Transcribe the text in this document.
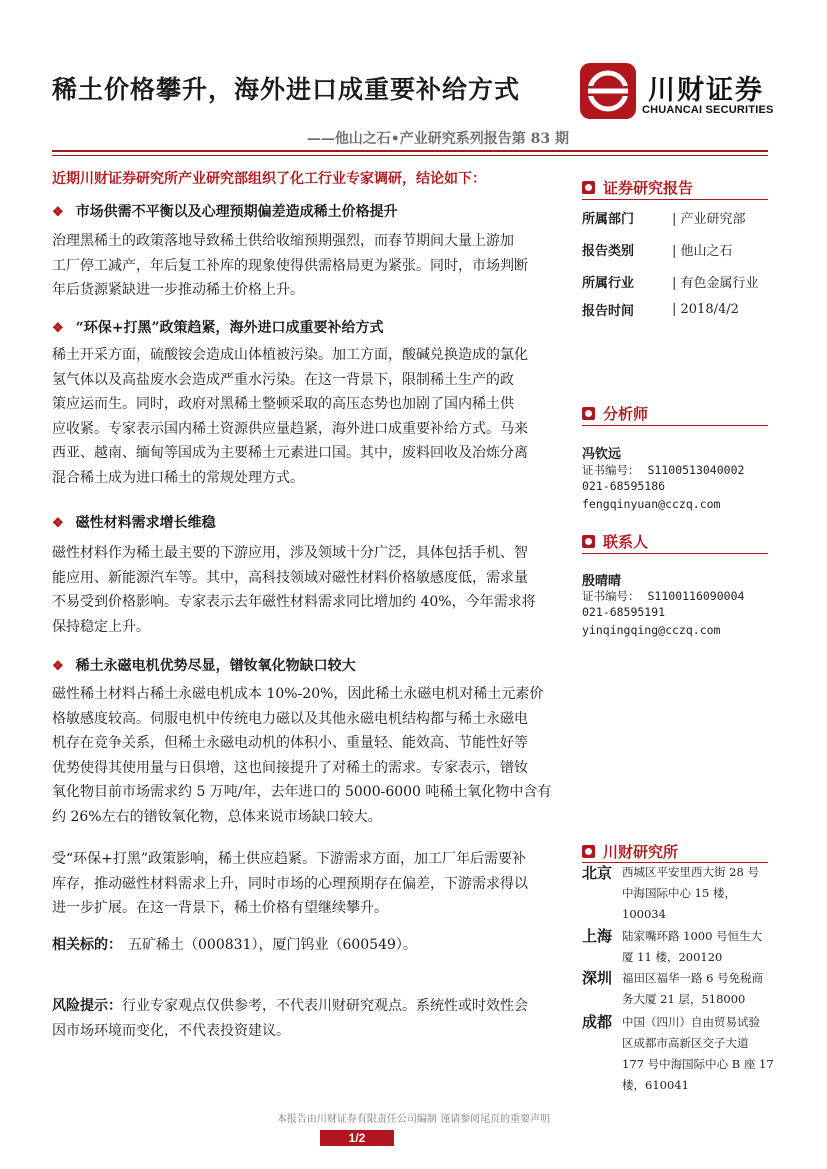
稀土价格攀升，海外进口成重要补给方式
——他山之石•产业研究系列报告第 83 期
川财证券
CHUANCAI SECURITIES
近期川财证券研究所产业研究部组织了化工行业专家调研，结论如下：
❖ 市场供需不平衡以及心理预期偏差造成稀土价格提升
治理黑稀土的政策落地导致稀土供给收缩预期强烈，而春节期间大量上游加
工厂停工减产，年后复工补库的现象使得供需格局更为紧张。同时，市场判断
年后货源紧缺进一步推动稀土价格上升。
❖ “环保+打黑”政策趋紧，海外进口成重要补给方式
稀土开采方面，硫酸铵会造成山体植被污染。加工方面，酸碱兑换造成的氯化
氢气体以及高盐废水会造成严重水污染。在这一背景下，限制稀土生产的政
策应运而生。同时，政府对黑稀土整顿采取的高压态势也加剧了国内稀土供
应收紧。专家表示国内稀土资源供应量趋紧，海外进口成重要补给方式。马来
西亚、越南、缅甸等国成为主要稀土元素进口国。其中，废料回收及冶炼分离
混合稀土成为进口稀土的常规处理方式。
❖ 磁性材料需求增长维稳
磁性材料作为稀土最主要的下游应用，涉及领域十分广泛，具体包括手机、智
能应用、新能源汽车等。其中，高科技领域对磁性材料价格敏感度低，需求量
不易受到价格影响。专家表示去年磁性材料需求同比增加约 40%，今年需求将
保持稳定上升。
❖ 稀土永磁电机优势尽显，镨钕氧化物缺口较大
磁性稀土材料占稀土永磁电机成本 10%-20%，因此稀土永磁电机对稀土元素价
格敏感度较高。伺服电机中传统电力磁以及其他永磁电机结构都与稀土永磁电
机存在竞争关系，但稀土永磁电动机的体积小、重量轻、能效高、节能性好等
优势使得其使用量与日俱增，这也间接提升了对稀土的需求。专家表示，镨钕
氧化物目前市场需求约 5 万吨/年，去年进口的 5000-6000 吨稀土氧化物中含有
约 26%左右的镨钕氧化物，总体来说市场缺口较大。
受“环保+打黑”政策影响，稀土供应趋紧。下游需求方面，加工厂年后需要补
库存，推动磁性材料需求上升，同时市场的心理预期存在偏差，下游需求得以
进一步扩展。在这一背景下，稀土价格有望继续攀升。
相关标的： 五矿稀土（000831），厦门钨业（600549）。
风险提示：行业专家观点仅供参考，不代表川财研究观点。系统性或时效性会
因市场环境而变化，不代表投资建议。
证券研究报告
所属部门	| 产业研究部
报告类别	| 他山之石
所属行业	| 有色金属行业
报告时间	| 2018/4/2
分析师
冯钦远
证书编号： S1100513040002
021-68595186
fengqinyuan@cczq.com
联系人
殷晴晴
证书编号： S1100116090004
021-68595191
yinqingqing@cczq.com
川财研究所
北京 西城区平安里西大街 28 号
中海国际中心 15 楼，
100034
上海 陆家嘴环路 1000 号恒生大
厦 11 楼，200120
深圳 福田区福华一路 6 号免税商
务大厦 21 层，518000
成都 中国（四川）自由贸易试验
区成都市高新区交子大道
177 号中海国际中心 B 座 17
楼，610041
本报告由川财证券有限责任公司编制 谨请参阅尾页的重要声明
1/2
